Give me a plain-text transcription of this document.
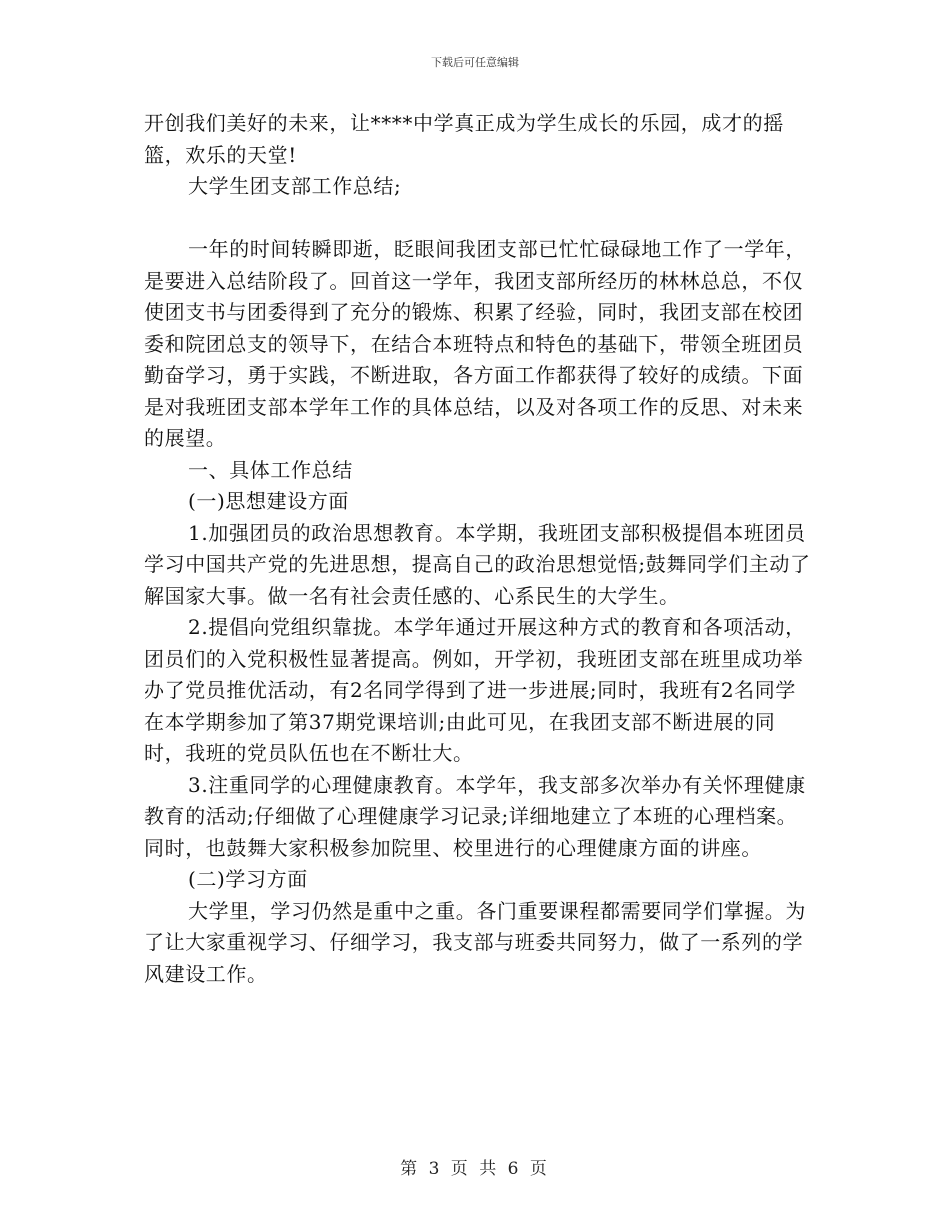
下载后可任意编辑

开创我们美好的未来，让****中学真正成为学生成长的乐园，成才的摇篮，欢乐的天堂!

大学生团支部工作总结;

一年的时间转瞬即逝，眨眼间我团支部已忙忙碌碌地工作了一学年，是要进入总结阶段了。回首这一学年，我团支部所经历的林林总总，不仅使团支书与团委得到了充分的锻炼、积累了经验，同时，我团支部在校团委和院团总支的领导下，在结合本班特点和特色的基础下，带领全班团员勤奋学习，勇于实践，不断进取，各方面工作都获得了较好的成绩。下面是对我班团支部本学年工作的具体总结，以及对各项工作的反思、对未来的展望。

一、具体工作总结

(一)思想建设方面

1.加强团员的政治思想教育。本学期，我班团支部积极提倡本班团员学习中国共产党的先进思想，提高自己的政治思想觉悟;鼓舞同学们主动了解国家大事。做一名有社会责任感的、心系民生的大学生。

2.提倡向党组织靠拢。本学年通过开展这种方式的教育和各项活动，团员们的入党积极性显著提高。例如，开学初，我班团支部在班里成功举办了党员推优活动，有2名同学得到了进一步进展;同时，我班有2名同学在本学期参加了第37期党课培训;由此可见，在我团支部不断进展的同时，我班的党员队伍也在不断壮大。

3.注重同学的心理健康教育。本学年，我支部多次举办有关怀理健康教育的活动;仔细做了心理健康学习记录;详细地建立了本班的心理档案。同时，也鼓舞大家积极参加院里、校里进行的心理健康方面的讲座。

(二)学习方面

大学里，学习仍然是重中之重。各门重要课程都需要同学们掌握。为了让大家重视学习、仔细学习，我支部与班委共同努力，做了一系列的学风建设工作。

第 3 页 共 6 页
